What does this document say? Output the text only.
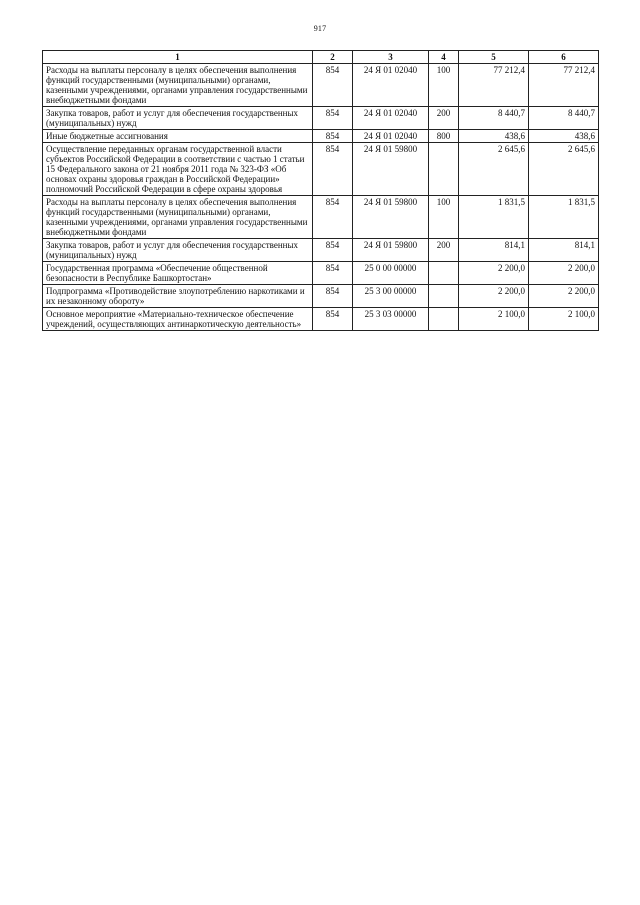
917
1	2	3	4	5	6
Расходы на выплаты персоналу в целях обеспечения выполнения функций государственными (муниципальными) органами, казенными учреждениями, органами управления государственными внебюджетными фондами	854	24 Я 01 02040	100	77 212,4	77 212,4
Закупка товаров, работ и услуг для обеспечения государственных (муниципальных) нужд	854	24 Я 01 02040	200	8 440,7	8 440,7
Иные бюджетные ассигнования	854	24 Я 01 02040	800	438,6	438,6
Осуществление переданных органам государственной власти субъектов Российской Федерации в соответствии с частью 1 статьи 15 Федерального закона от 21 ноября 2011 года № 323-ФЗ «Об основах охраны здоровья граждан в Российской Федерации» полномочий Российской Федерации в сфере охраны здоровья	854	24 Я 01 59800		2 645,6	2 645,6
Расходы на выплаты персоналу в целях обеспечения выполнения функций государственными (муниципальными) органами, казенными учреждениями, органами управления государственными внебюджетными фондами	854	24 Я 01 59800	100	1 831,5	1 831,5
Закупка товаров, работ и услуг для обеспечения государственных (муниципальных) нужд	854	24 Я 01 59800	200	814,1	814,1
Государственная программа «Обеспечение общественной безопасности в Республике Башкортостан»	854	25 0 00 00000		2 200,0	2 200,0
Подпрограмма «Противодействие злоупотреблению наркотиками и их незаконному обороту»	854	25 3 00 00000		2 200,0	2 200,0
Основное мероприятие «Материально-техническое обеспечение учреждений, осуществляющих антинаркотическую деятельность»	854	25 3 03 00000		2 100,0	2 100,0
